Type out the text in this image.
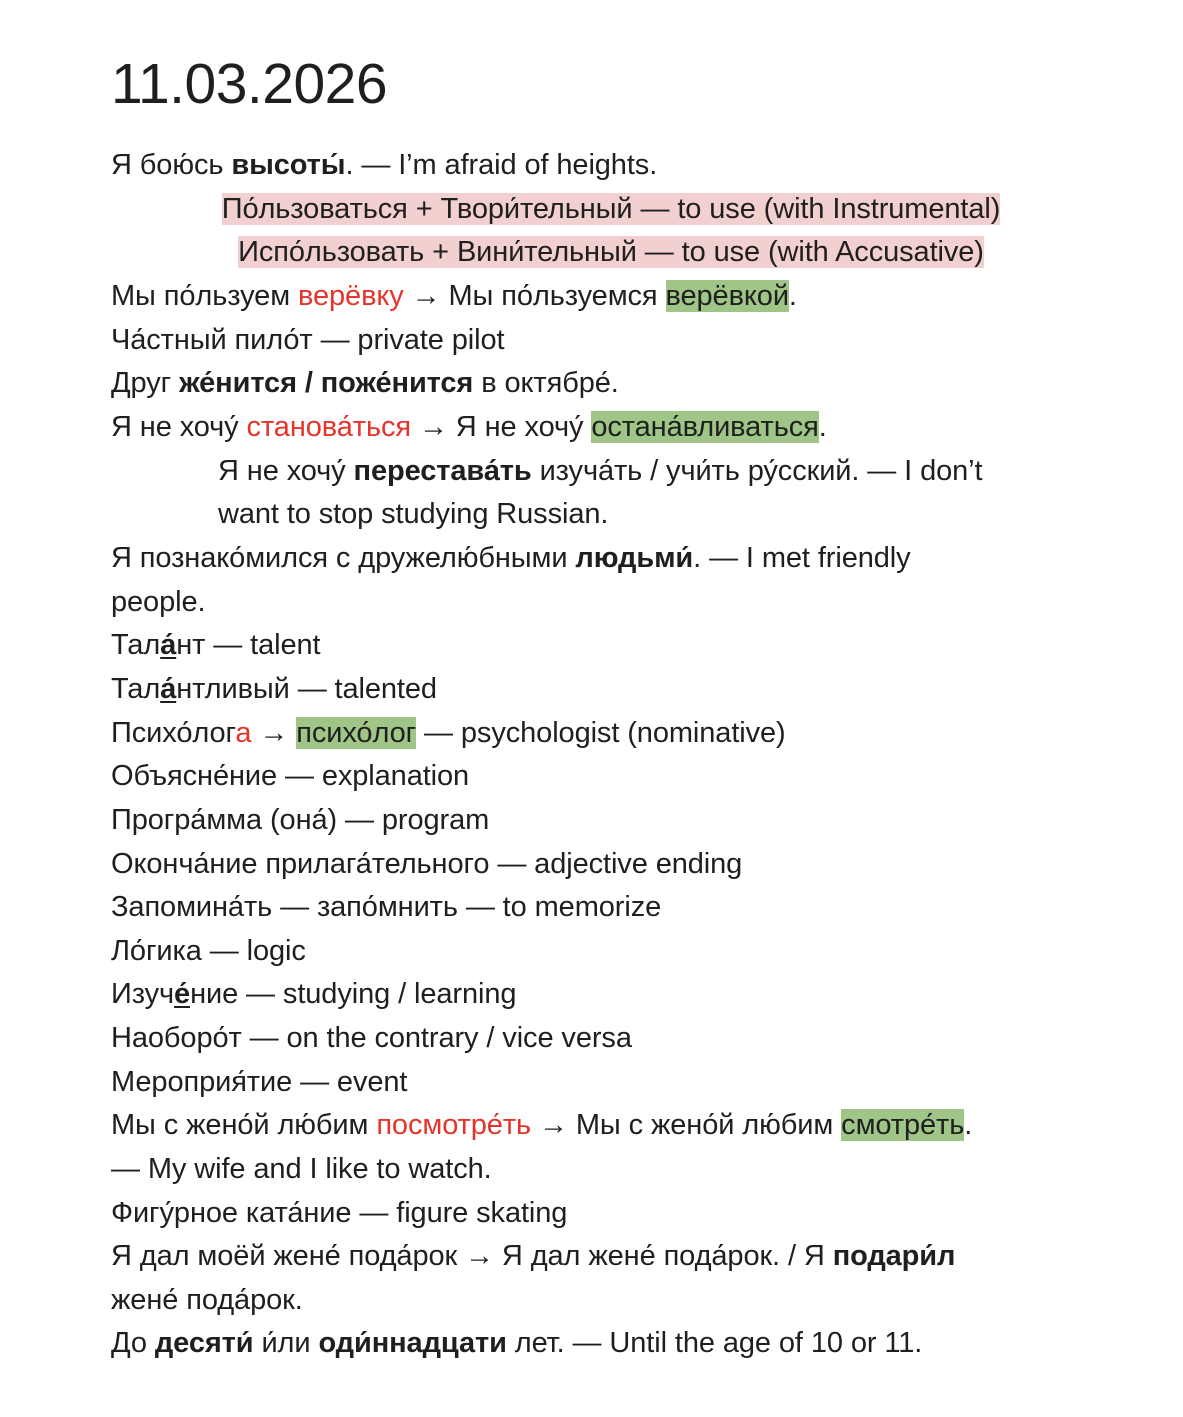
11.03.2026
Я бою́сь высоты́. — I’m afraid of heights.
По́льзоваться + Твори́тельный — to use (with Instrumental)
Испо́льзовать + Вини́тельный — to use (with Accusative)
Мы по́льзуем верёвку → Мы по́льзуемся верёвкой.
Ча́стный пило́т — private pilot
Друг же́нится / поже́нится в октябре́.
Я не хочу́ станова́ться → Я не хочу́ остана́вливаться.
Я не хочу́ перестава́ть изуча́ть / учи́ть ру́сский. — I don’t
want to stop studying Russian.
Я познако́мился с дружелю́бными людьми́. — I met friendly
people.
Тала́нт — talent
Тала́нтливый — talented
Психо́лога → психо́лог — psychologist (nominative)
Объясне́ние — explanation
Програ́мма (она́) — program
Оконча́ние прилага́тельного — adjective ending
Запомина́ть — запо́мнить — to memorize
Ло́гика — logic
Изуче́ние — studying / learning
Наоборо́т — on the contrary / vice versa
Мероприя́тие — event
Мы с жено́й лю́бим посмотре́ть → Мы с жено́й лю́бим смотре́ть.
— My wife and I like to watch.
Фигу́рное ката́ние — figure skating
Я дал моёй жене́ пода́рок → Я дал жене́ пода́рок. / Я подари́л
жене́ пода́рок.
До десяти́ и́ли оди́ннадцати лет. — Until the age of 10 or 11.
